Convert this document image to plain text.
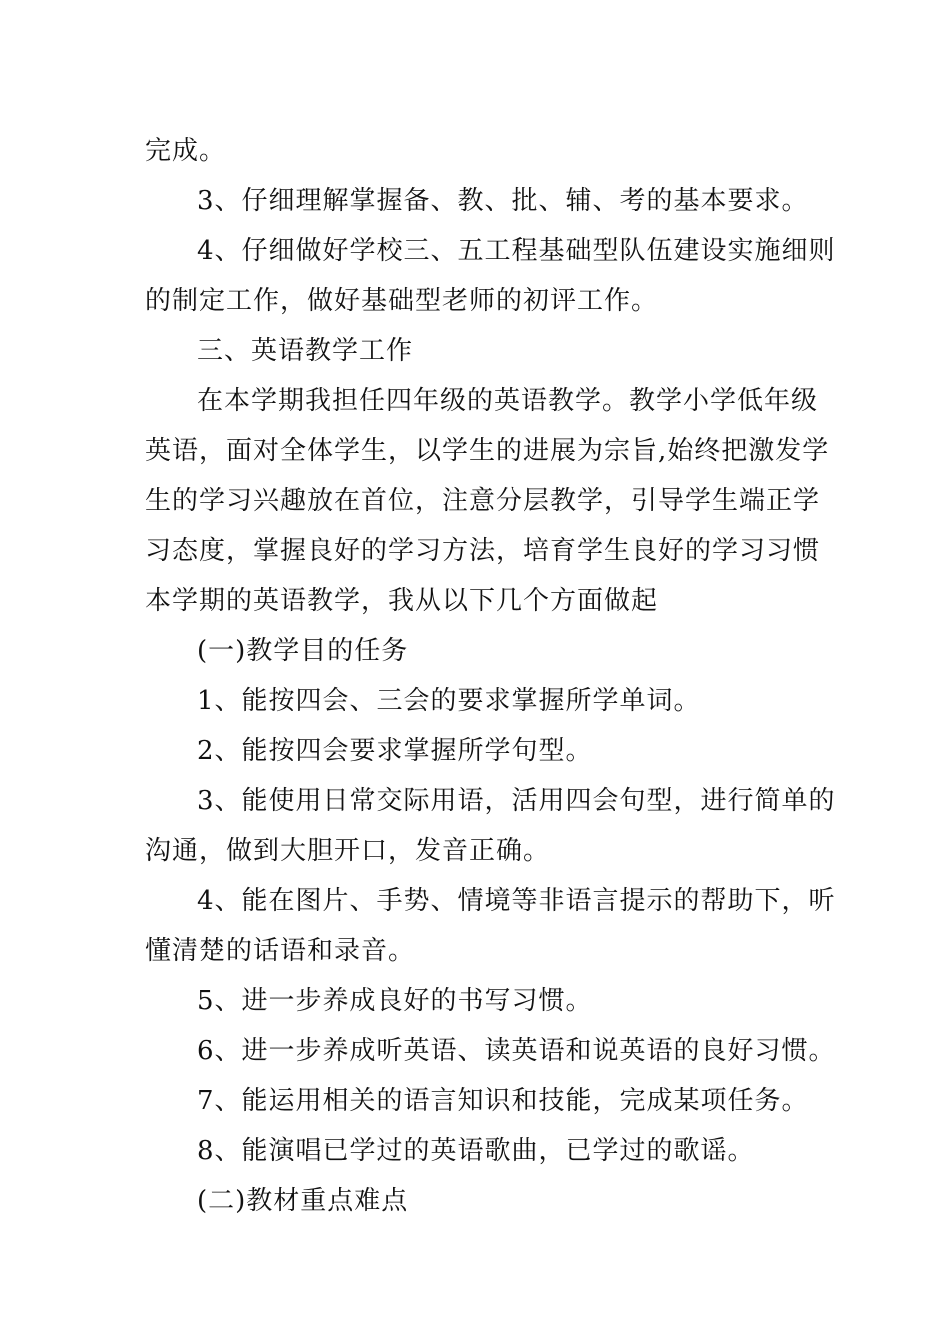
完成。
3、仔细理解掌握备、教、批、辅、考的基本要求。
4、仔细做好学校三、五工程基础型队伍建设实施细则
的制定工作，做好基础型老师的初评工作。
三、英语教学工作
在本学期我担任四年级的英语教学。教学小学低年级
英语，面对全体学生，以学生的进展为宗旨,始终把激发学
生的学习兴趣放在首位，注意分层教学，引导学生端正学
习态度，掌握良好的学习方法，培育学生良好的学习习惯
本学期的英语教学，我从以下几个方面做起
(一)教学目的任务
1、能按四会、三会的要求掌握所学单词。
2、能按四会要求掌握所学句型。
3、能使用日常交际用语，活用四会句型，进行简单的
沟通，做到大胆开口，发音正确。
4、能在图片、手势、情境等非语言提示的帮助下，听
懂清楚的话语和录音。
5、进一步养成良好的书写习惯。
6、进一步养成听英语、读英语和说英语的良好习惯。
7、能运用相关的语言知识和技能，完成某项任务。
8、能演唱已学过的英语歌曲，已学过的歌谣。
(二)教材重点难点
